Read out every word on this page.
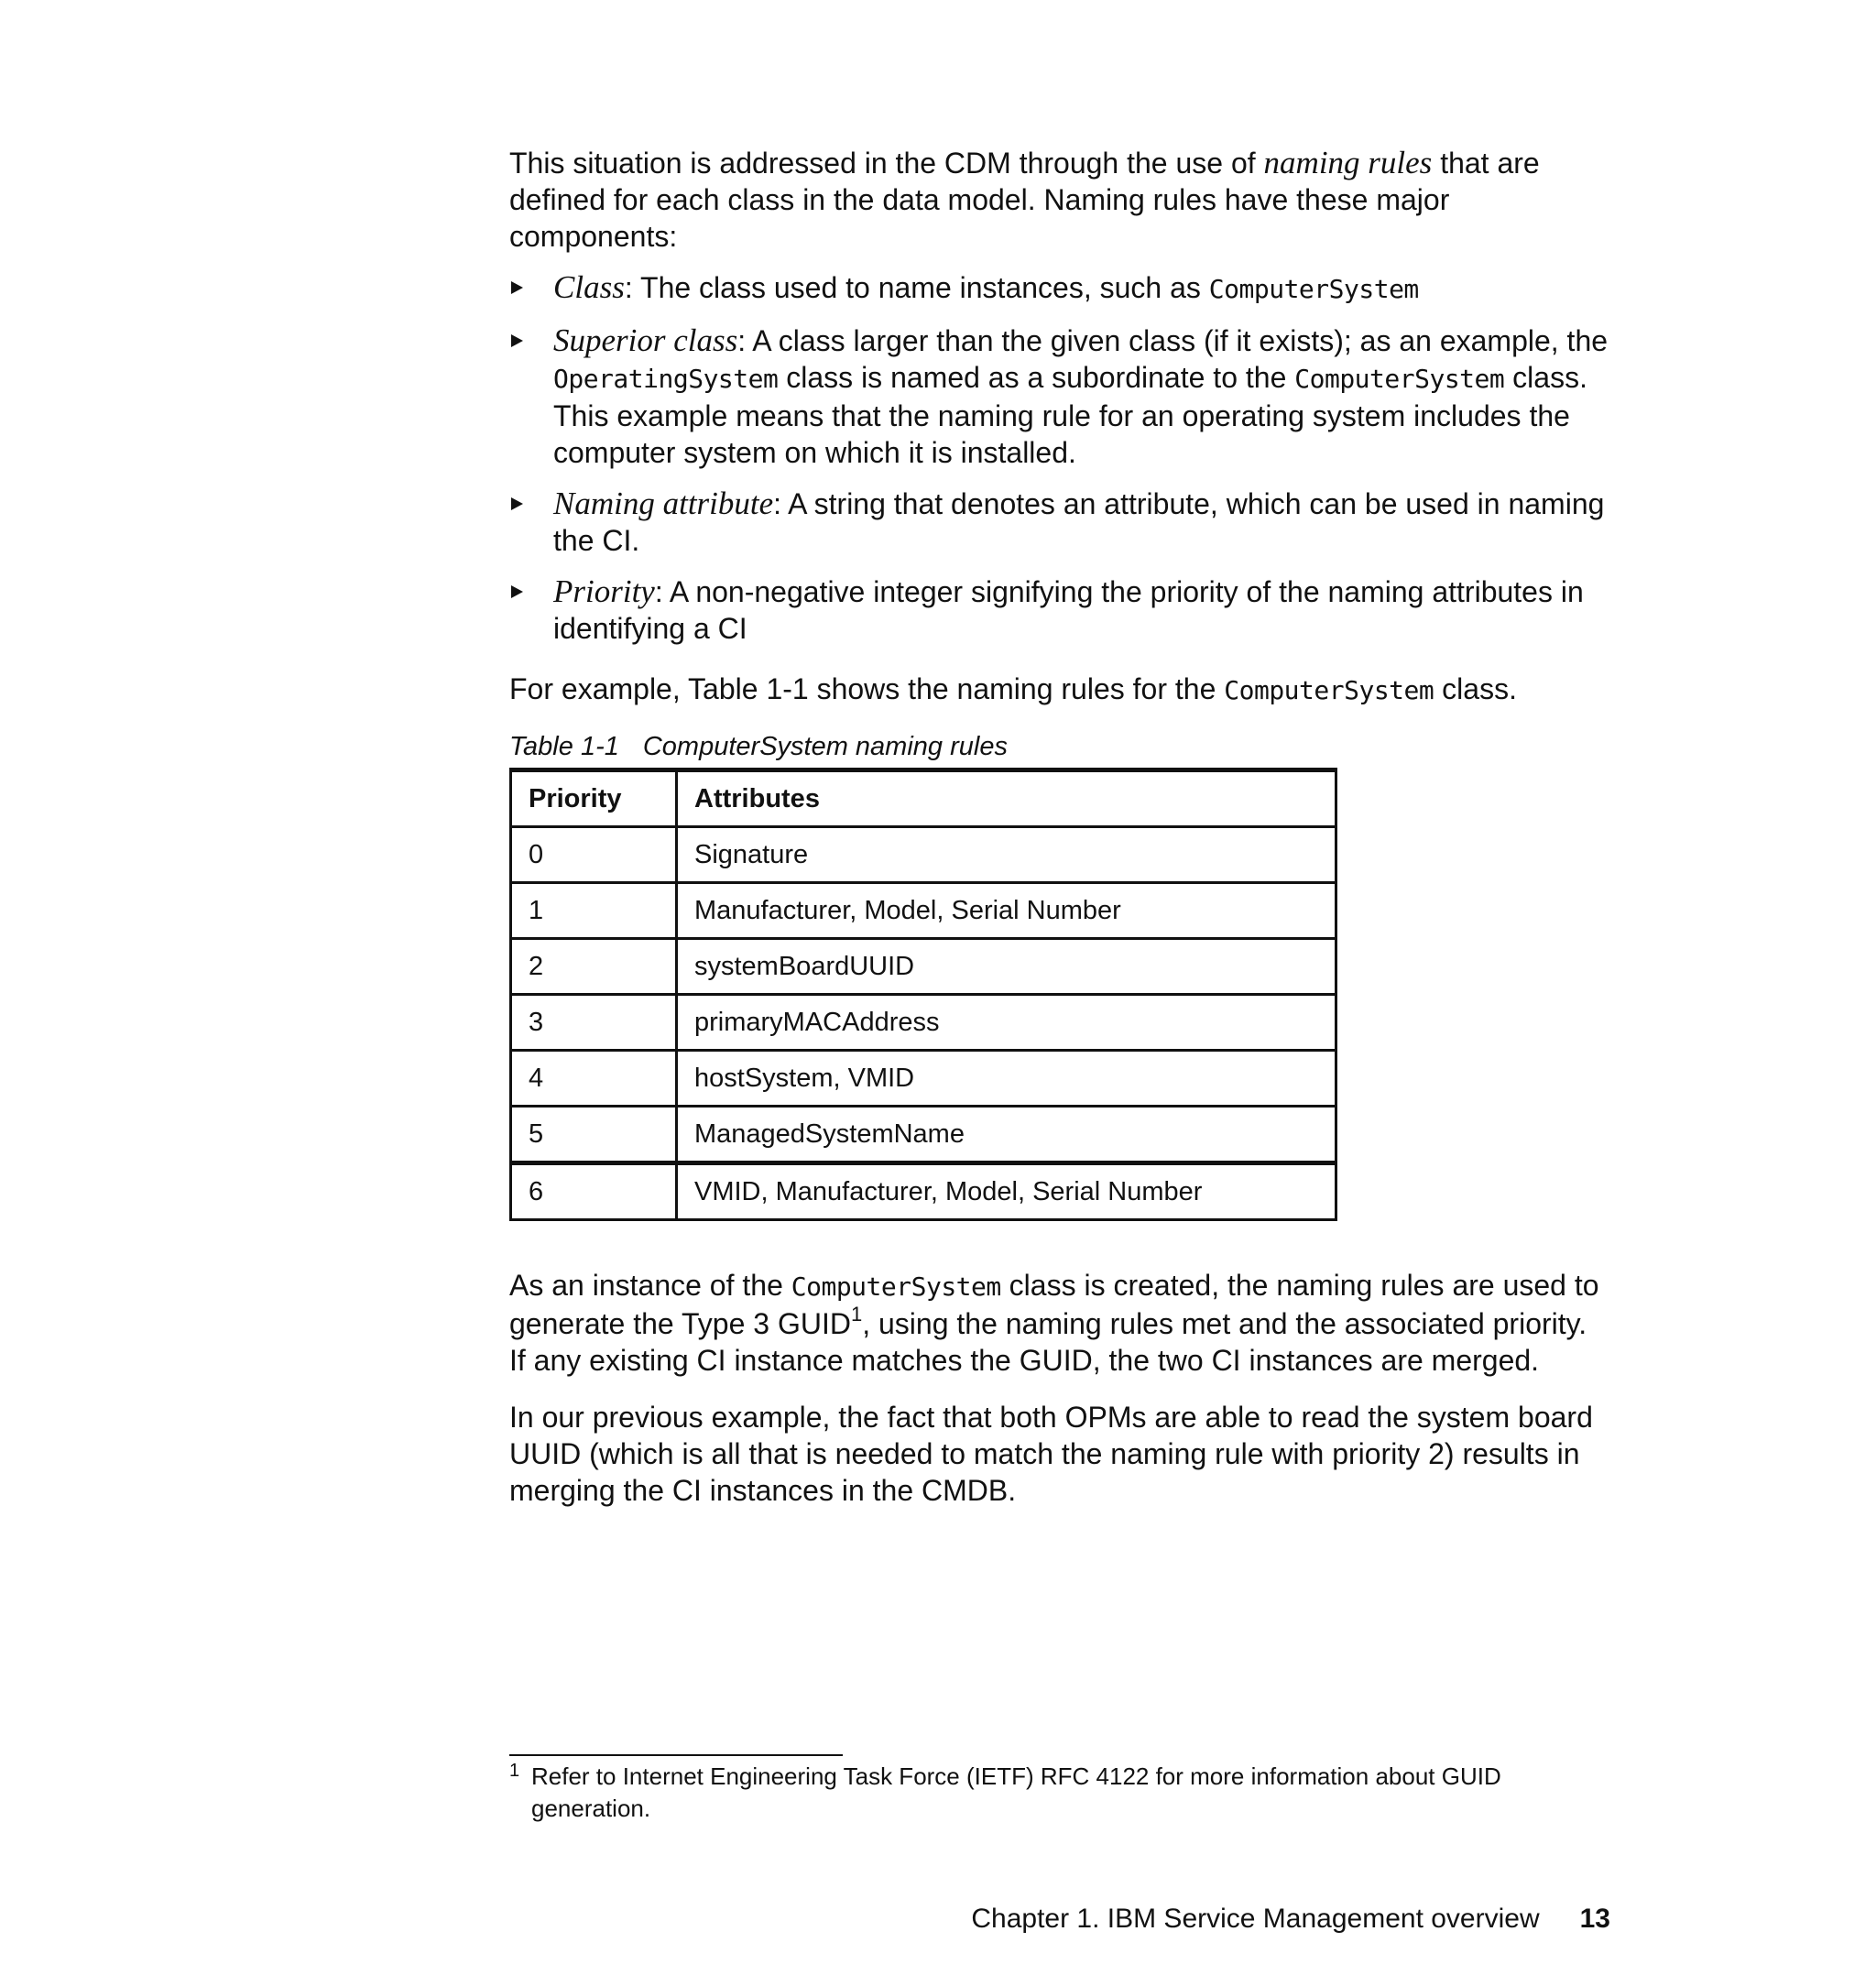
This situation is addressed in the CDM through the use of naming rules that are defined for each class in the data model. Naming rules have these major components:

Class: The class used to name instances, such as ComputerSystem
Superior class: A class larger than the given class (if it exists); as an example, the OperatingSystem class is named as a subordinate to the ComputerSystem class. This example means that the naming rule for an operating system includes the computer system on which it is installed.
Naming attribute: A string that denotes an attribute, which can be used in naming the CI.
Priority: A non-negative integer signifying the priority of the naming attributes in identifying a CI

For example, Table 1-1 shows the naming rules for the ComputerSystem class.

Table 1-1 ComputerSystem naming rules
Priority	Attributes
0	Signature
1	Manufacturer, Model, Serial Number
2	systemBoardUUID
3	primaryMACAddress
4	hostSystem, VMID
5	ManagedSystemName
6	VMID, Manufacturer, Model, Serial Number

As an instance of the ComputerSystem class is created, the naming rules are used to generate the Type 3 GUID$^1$, using the naming rules met and the associated priority. If any existing CI instance matches the GUID, the two CI instances are merged.

In our previous example, the fact that both OPMs are able to read the system board UUID (which is all that is needed to match the naming rule with priority 2) results in merging the CI instances in the CMDB.

1 Refer to Internet Engineering Task Force (IETF) RFC 4122 for more information about GUID generation.
Chapter 1. IBM Service Management overview 13
